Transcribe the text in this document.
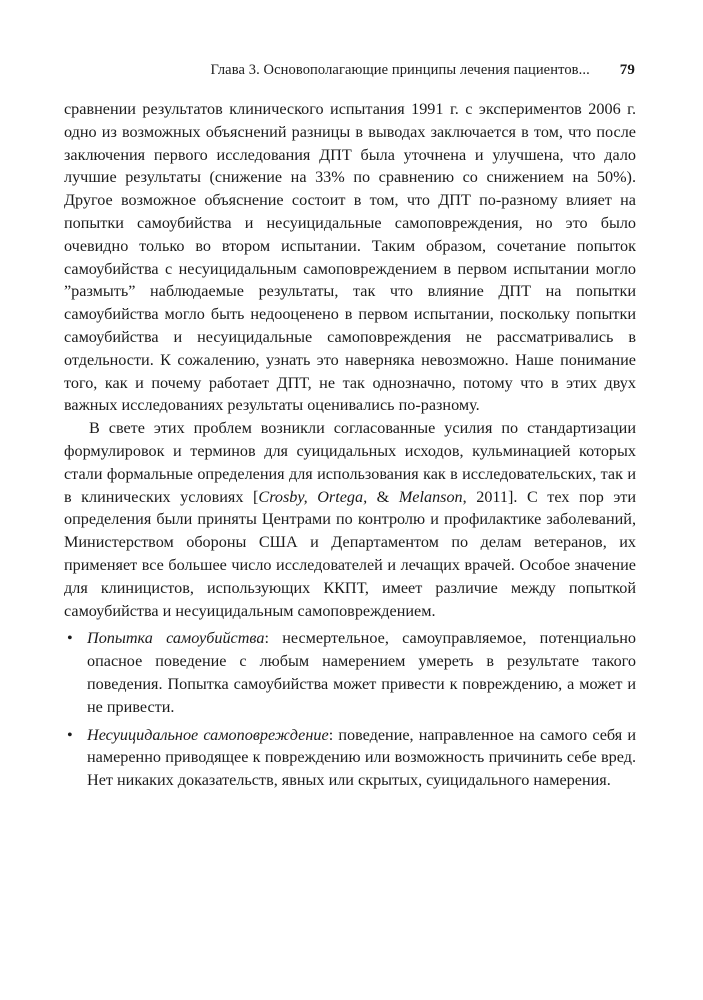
Глава 3. Основополагающие принципы лечения пациентов... 79

сравнении результатов клинического испытания 1991 г. с экспериментов 2006 г. одно из возможных объяснений разницы в выводах заключается в том, что после заключения первого исследования ДПТ была уточнена и улучшена, что дало лучшие результаты (снижение на 33% по сравнению со снижением на 50%). Другое возможное объяснение состоит в том, что ДПТ по-разному влияет на попытки самоубийства и несуицидальные самоповреждения, но это было очевидно только во втором испытании. Таким образом, сочетание попыток самоубийства с несуицидальным самоповреждением в первом испытании могло ”размыть” наблюдаемые результаты, так что влияние ДПТ на попытки самоубийства могло быть недооценено в первом испытании, поскольку попытки самоубийства и несуицидальные самоповреждения не рассматривались в отдельности. К сожалению, узнать это наверняка невозможно. Наше понимание того, как и почему работает ДПТ, не так однозначно, потому что в этих двух важных исследованиях результаты оценивались по-разному.

В свете этих проблем возникли согласованные усилия по стандартизации формулировок и терминов для суицидальных исходов, кульминацией которых стали формальные определения для использования как в исследовательских, так и в клинических условиях [Crosby, Ortega, & Melanson, 2011]. С тех пор эти определения были приняты Центрами по контролю и профилактике заболеваний, Министерством обороны США и Департаментом по делам ветеранов, их применяет все большее число исследователей и лечащих врачей. Особое значение для клиницистов, использующих ККПТ, имеет различие между попыткой самоубийства и несуицидальным самоповреждением.

• Попытка самоубийства: несмертельное, самоуправляемое, потенциально опасное поведение с любым намерением умереть в результате такого поведения. Попытка самоубийства может привести к повреждению, а может и не привести.
• Несуицидальное самоповреждение: поведение, направленное на самого себя и намеренно приводящее к повреждению или возможность причинить себе вред. Нет никаких доказательств, явных или скрытых, суицидального намерения.
